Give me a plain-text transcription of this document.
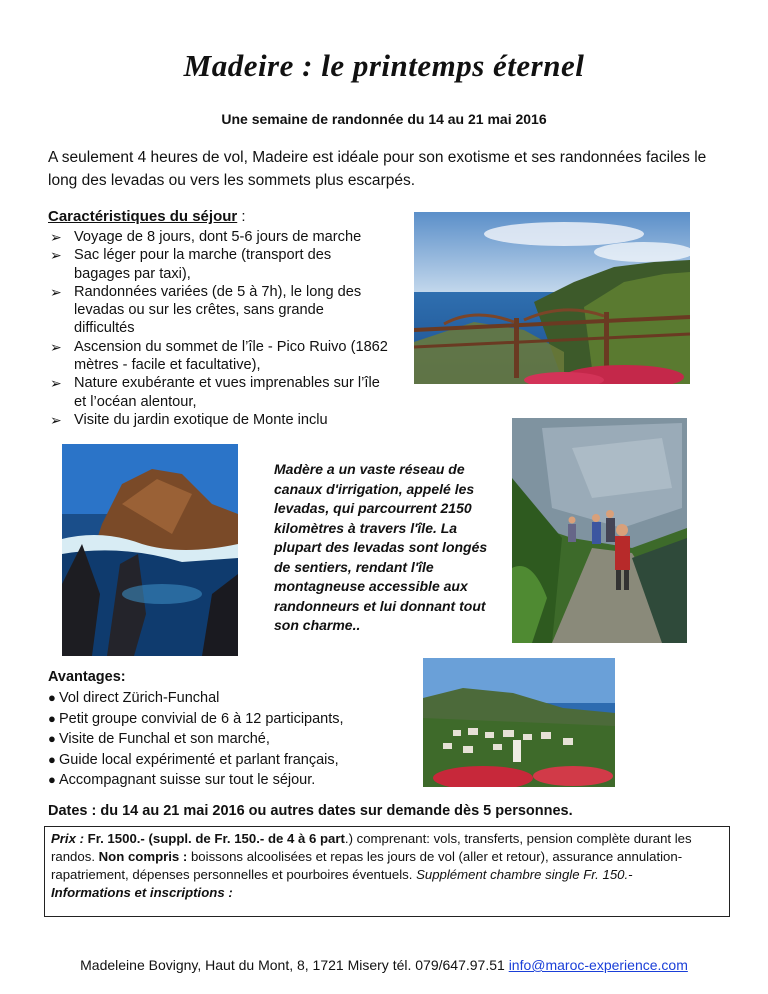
Madeire : le printemps éternel
Une semaine de randonnée du 14 au 21 mai 2016
A seulement 4 heures de vol, Madeire est idéale pour son exotisme et ses randonnées faciles le long des levadas ou vers les sommets plus escarpés.
Caractéristiques du séjour :
➢ Voyage de 8 jours, dont 5-6 jours de marche
➢ Sac léger pour la marche (transport des bagages par taxi),
➢ Randonnées variées (de 5 à 7h), le long des levadas ou sur les crêtes, sans grande difficultés
➢ Ascension du sommet de l’île - Pico Ruivo (1862 mètres - facile et facultative),
➢ Nature exubérante et vues imprenables sur l’île et l’océan alentour,
➢ Visite du jardin exotique de Monte inclu
Madère a un vaste réseau de canaux d'irrigation, appelé les levadas, qui parcourrent 2150 kilomètres à travers l'île. La plupart des levadas sont longés de sentiers, rendant l'île montagneuse accessible aux randonneurs et lui donnant tout son charme..
Avantages:
● Vol direct Zürich-Funchal
● Petit groupe convivial de 6 à 12 participants,
● Visite de Funchal et son marché,
● Guide local expérimenté et parlant français,
● Accompagnant suisse sur tout le séjour.
Dates : du 14 au 21 mai 2016 ou autres dates sur demande dès 5 personnes.
Prix : Fr. 1500.- (suppl. de Fr. 150.- de 4 à 6 part.) comprenant: vols, transferts, pension complète durant les randos. Non compris : boissons alcoolisées et repas les jours de vol (aller et retour), assurance annulation-rapatriement, dépenses personnelles et pourboires éventuels. Supplément chambre single Fr. 150.-
Informations et inscriptions :
Madeleine Bovigny, Haut du Mont, 8, 1721 Misery tél. 079/647.97.51 info@maroc-experience.com
